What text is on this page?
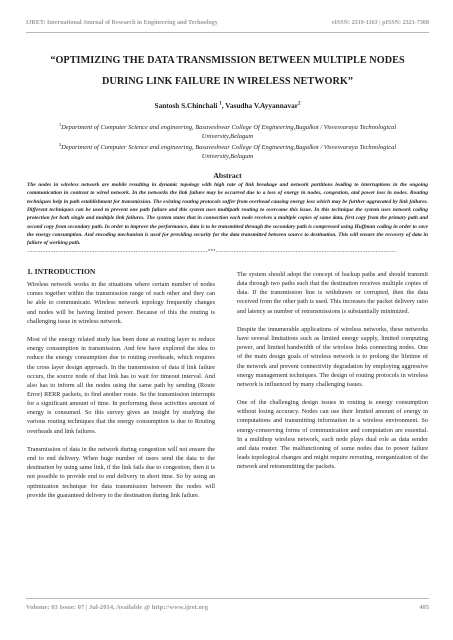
IJRET: International Journal of Research in Engineering and Technology	eISSN: 2319-1163 | pISSN: 2321-7308
“OPTIMIZING THE DATA TRANSMISSION BETWEEN MULTIPLE NODES DURING LINK FAILURE IN WIRELESS NETWORK”
Santosh S.Chinchali $^1$, Vasudha V.Ayyannavar$^2$
$^1$Department of Computer Science and engineering, Basaveshwar College Of Engineering,Bagalkot / Visvesvaraya Technological University,Belagum
$^2$Department of Computer Science and engineering, Basaveshwar College Of Engineering,Bagalkot / Visvesvaraya Technological University,Belagum
Abstract
The nodes in wireless network are mobile resulting in dynamic topology with high rate of link breakage and network partitions leading to interruptions in the ongoing communication in contrast to wired network. In the networks the link failure may be occurred due to a loss of energy in nodes, congestion, and power loss in nodes. Routing techniques help in path establishment for transmission. The existing routing protocols suffer from overhead causing energy loss which may be further aggravated by link failures. Different techniques can be used to prevent one path failure and this system uses multipath routing to overcome this issue. In this technique the system uses network coding protection for both single and multiple link failures. The system states that in connection each node receives a multiple copies of same data, first copy from the primary path and second copy from secondary path. In order to improve the performance, data is to be transmitted through the secondary path is compressed using Huffman coding in order to save the energy consumption. And encoding mechanism is used for providing security for the data transmitted between source to destination. This will ensure the recovery of data in failure of working path.
----------------------------------------------------------------------***----------------------------------------------------------------------
1. INTRODUCTION

Wireless network works in the situations where certain number of nodes comes together within the transmission range of each other and they can be able to communicate. Wireless network topology frequently changes and nodes will be having limited power. Because of this the routing is challenging issue in wireless network.

Most of the energy related study has been done at routing layer to reduce energy consumption in transmission. And few have explored the idea to reduce the energy consumption due to routing overheads, which requires the cross layer design approach. In the transmission of data if link failure occurs, the source node of that link has to wait for timeout interval. And also has to inform all the nodes using the same path by sending (Route Error) RERR packets, to find another route. So the transmission interrupts for a significant amount of time. In performing these activities amount of energy is consumed. So this survey gives an insight by studying the various routing techniques that the energy consumption is due to Routing overheads and link failures.

Transmission of data in the network during congestion will not ensure the end to end delivery. When huge number of users send the data to the destination by using same link, if the link fails due to congestion, then it is not possible to provide end to end delivery in short time. So by using an optimization technique for data transmission between the nodes will provide the guaranteed delivery to the destination during link failure.

The system should adopt the concept of backup paths and should transmit data through two paths such that the destination receives multiple copies of data. If the transmission line is withdrawn or corrupted, then the data received from the other path is used. This increases the packet delivery ratio and latency as number of retransmissions is substantially minimized.

Despite the innumerable applications of wireless networks, these networks have several limitations such as limited energy supply, limited computing power, and limited bandwidth of the wireless links connecting nodes. One of the main design goals of wireless network is to prolong the lifetime of the network and prevent connectivity degradation by employing aggressive energy management techniques. The design of routing protocols in wireless network is influenced by many challenging issues.

One of the challenging design issues in routing is energy consumption without losing accuracy. Nodes can use their limited amount of energy in computations and transmitting information in a wireless environment. So energy-conserving forms of communication and computation are essential. In a multihop wireless network, each node plays dual role as data sender and data router. The malfunctioning of some nodes due to power failure leads topological changes and might require rerouting, reorganization of the network and retransmitting the packets.

Volume: 03 Issue: 07 | Jul-2014, Available @ http://www.ijret.org	405
